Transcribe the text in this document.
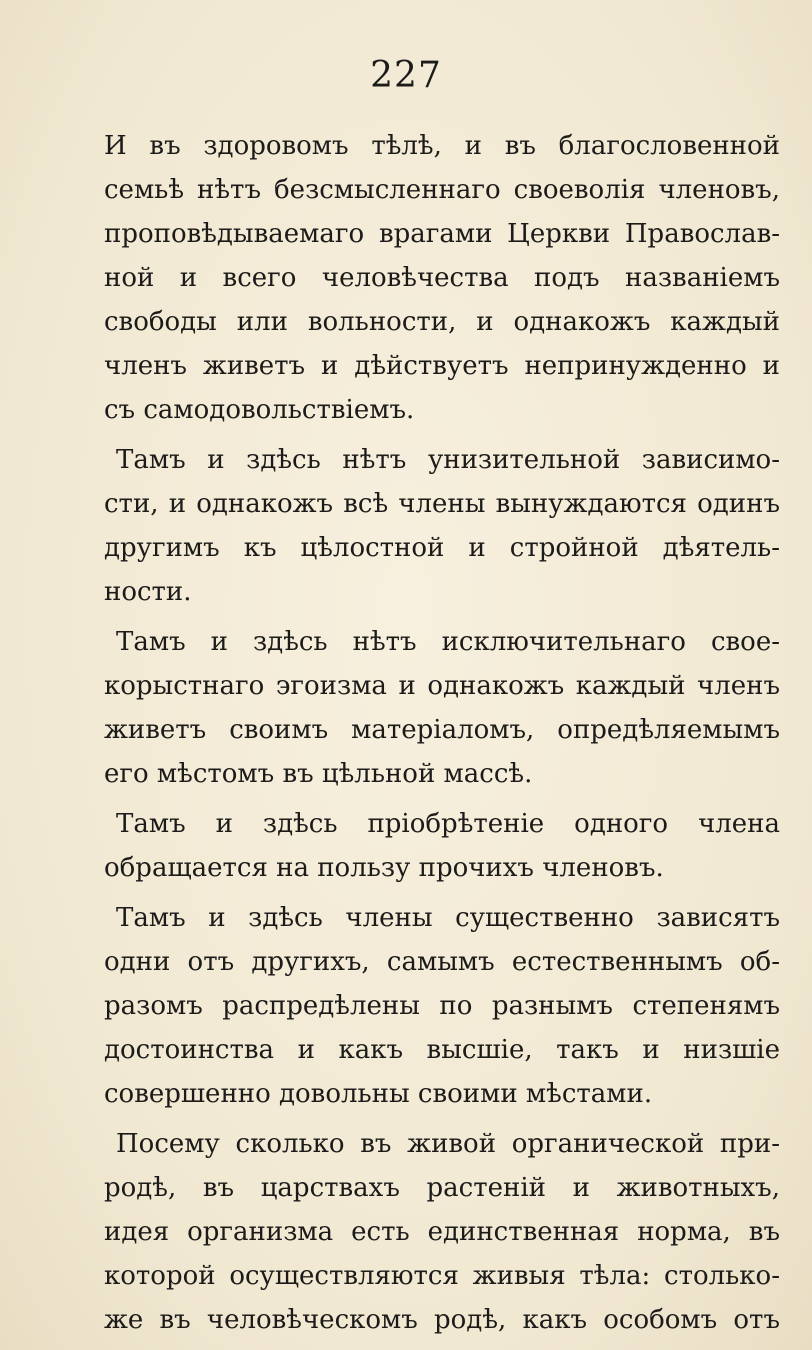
227
И въ здоровомъ тѣлѣ, и въ благословенной
семьѣ нѣтъ безсмысленнаго своеволія членовъ,
проповѣдываемаго врагами Церкви Православ-
ной и всего человѣчества подъ названіемъ
свободы или вольности, и однакожъ каждый
членъ живетъ и дѣйствуетъ непринужденно и
съ самодовольствіемъ.
Тамъ и здѣсь нѣтъ унизительной зависимо-
сти, и однакожъ всѣ члены вынуждаются одинъ
другимъ къ цѣлостной и стройной дѣятель-
ности.
Тамъ и здѣсь нѣтъ исключительнаго свое-
корыстнаго эгоизма и однакожъ каждый членъ
живетъ своимъ матеріаломъ, опредѣляемымъ
его мѣстомъ въ цѣльной массѣ.
Тамъ и здѣсь пріобрѣтеніе одного члена
обращается на пользу прочихъ членовъ.
Тамъ и здѣсь члены существенно зависятъ
одни отъ другихъ, самымъ естественнымъ об-
разомъ распредѣлены по разнымъ степенямъ
достоинства и какъ высшіе, такъ и низшіе
совершенно довольны своими мѣстами.
Посему сколько въ живой органической при-
родѣ, въ царствахъ растеній и животныхъ,
идея организма есть единственная норма, въ
которой осуществляются живыя тѣла: столько-
же въ человѣческомъ родѣ, какъ особомъ отъ
